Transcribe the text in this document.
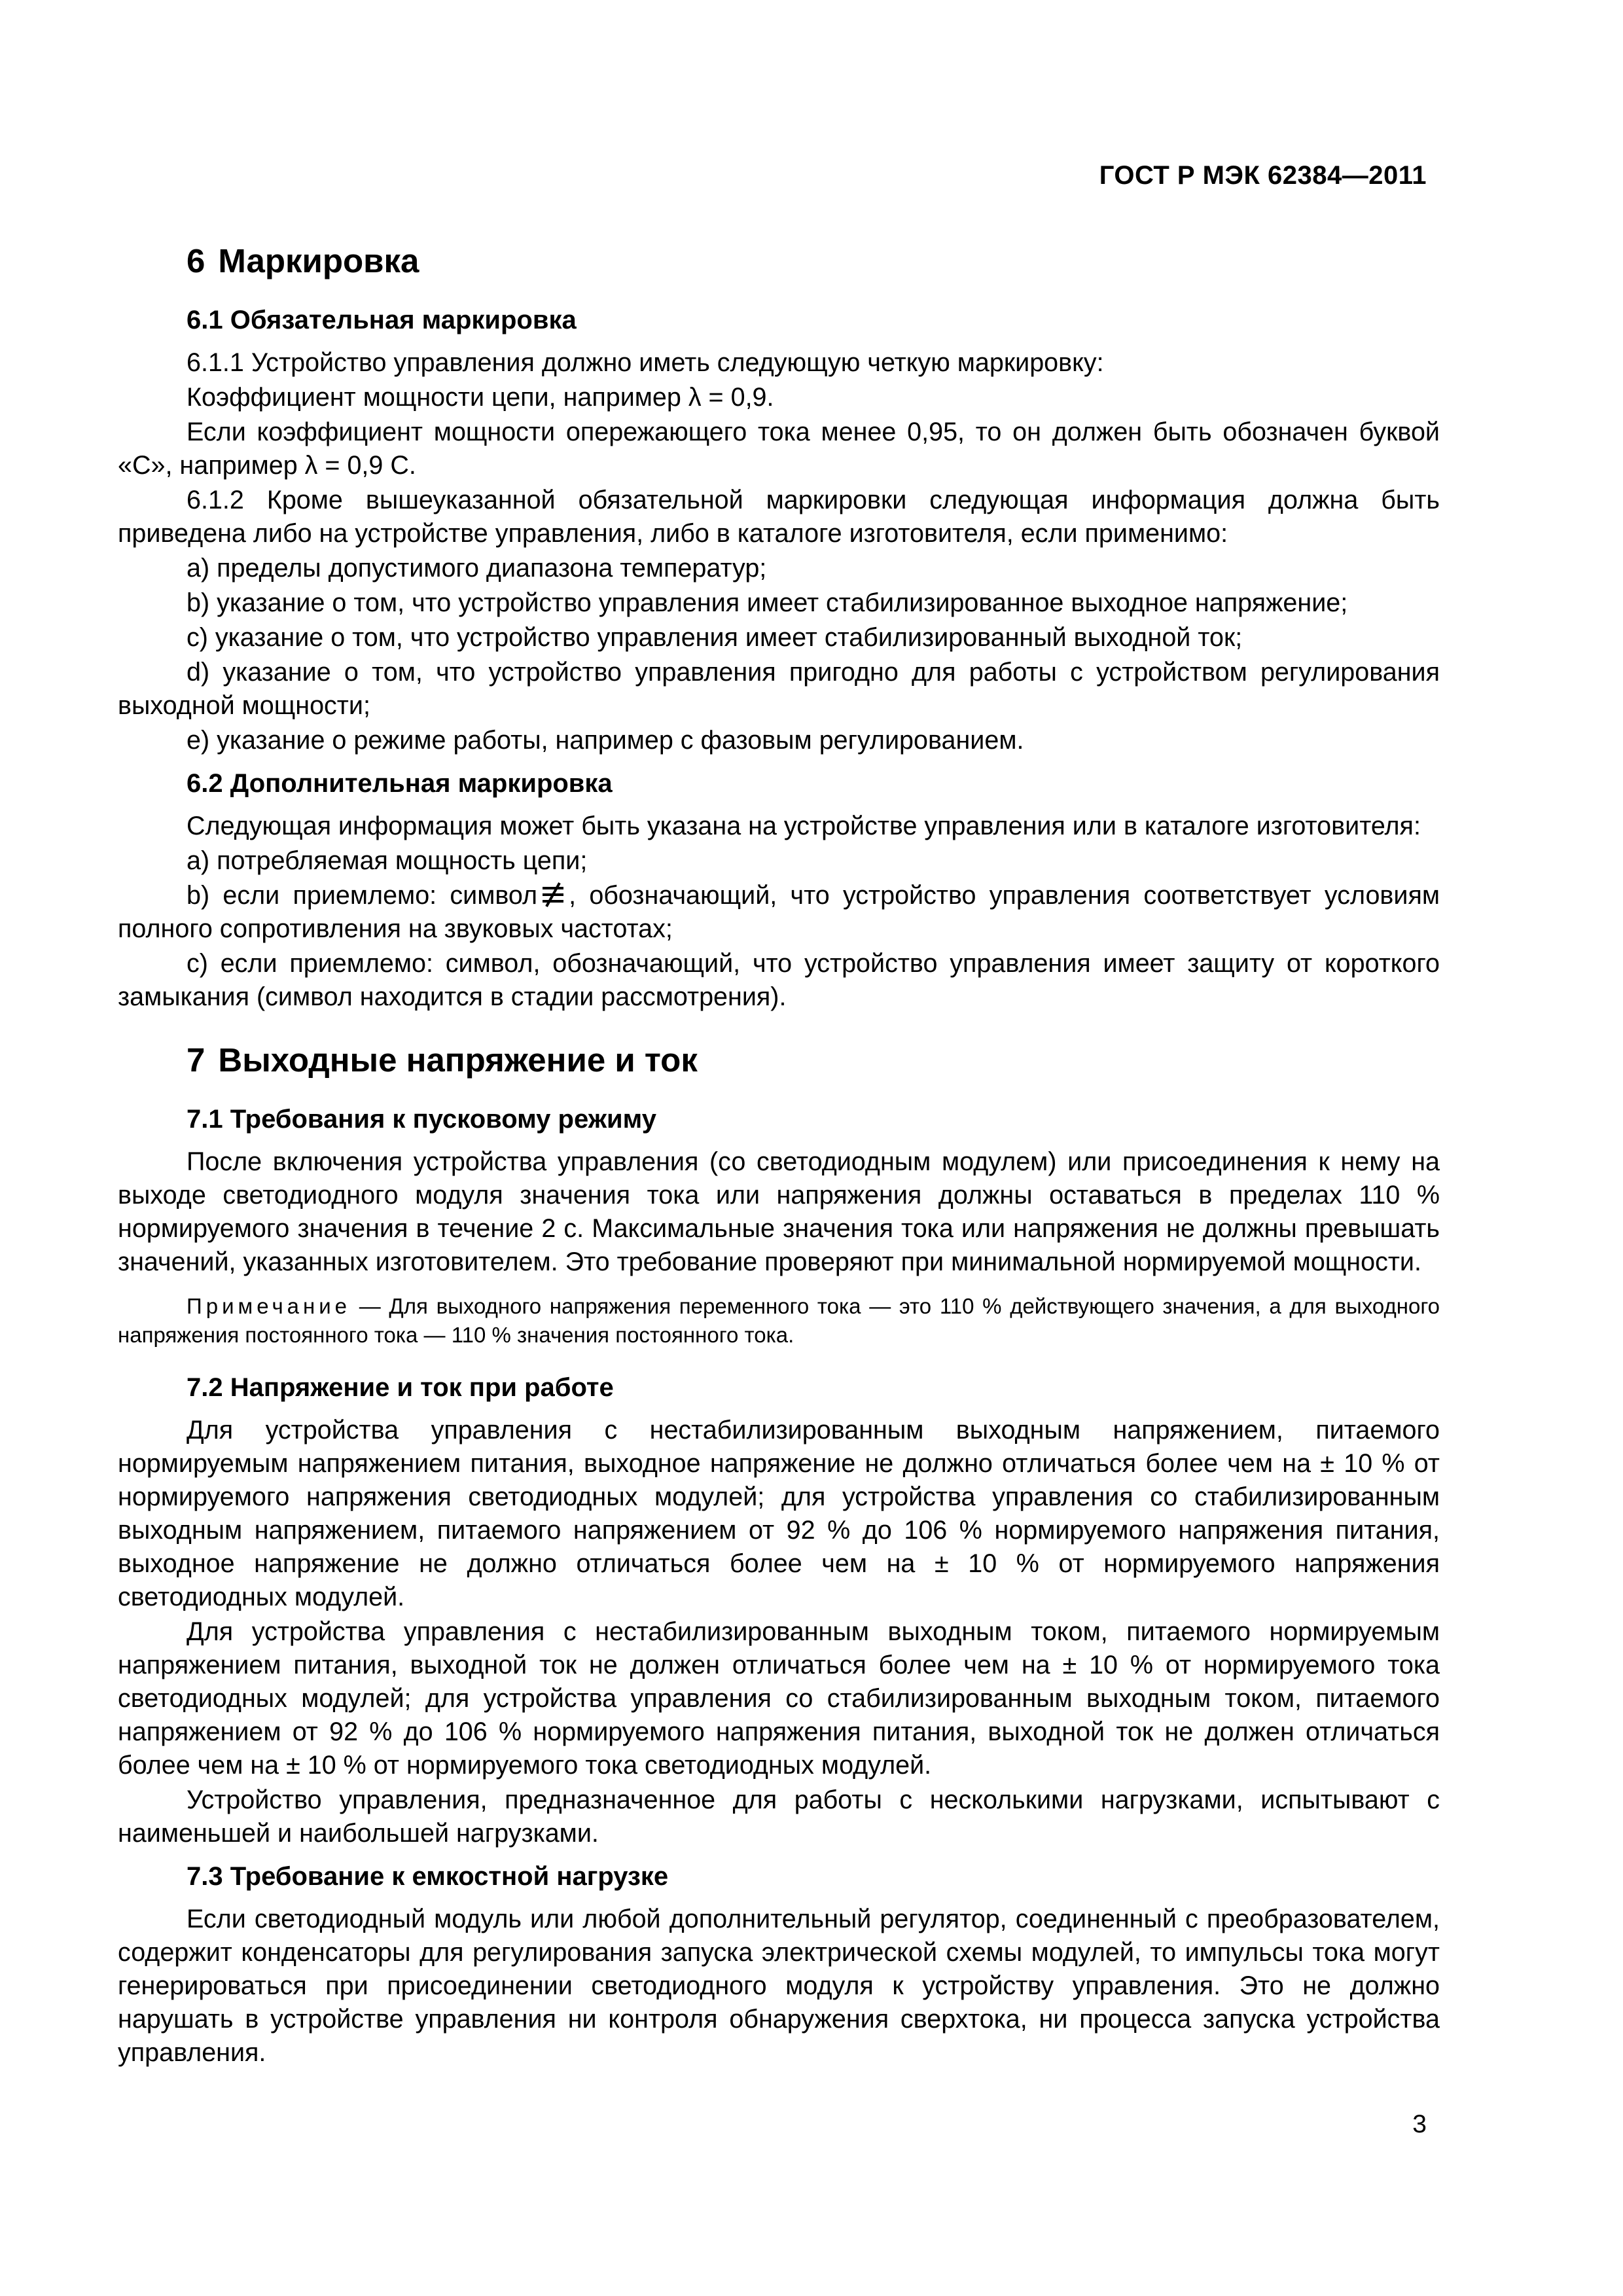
ГОСТ Р МЭК 62384—2011
6 Маркировка
6.1 Обязательная маркировка

6.1.1 Устройство управления должно иметь следующую четкую маркировку:

Коэффициент мощности цепи, например λ = 0,9.

Если коэффициент мощности опережающего тока менее 0,95, то он должен быть обозначен буквой «С», например λ = 0,9 С.

6.1.2 Кроме вышеуказанной обязательной маркировки следующая информация должна быть приведена либо на устройстве управления, либо в каталоге изготовителя, если применимо:

a) пределы допустимого диапазона температур;

b) указание о том, что устройство управления имеет стабилизированное выходное напряжение;

c) указание о том, что устройство управления имеет стабилизированный выходной ток;

d) указание о том, что устройство управления пригодно для работы с устройством регулирования выходной мощности;

e) указание о режиме работы, например с фазовым регулированием.

6.2 Дополнительная маркировка

Следующая информация может быть указана на устройстве управления или в каталоге изготовителя:

a) потребляемая мощность цепи;

b) если приемлемо: символ , обозначающий, что устройство управления соответствует условиям полного сопротивления на звуковых частотах;

c) если приемлемо: символ, обозначающий, что устройство управления имеет защиту от короткого замыкания (символ находится в стадии рассмотрения).

7 Выходные напряжение и ток
7.1 Требования к пусковому режиму

После включения устройства управления (со светодиодным модулем) или присоединения к нему на выходе светодиодного модуля значения тока или напряжения должны оставаться в пределах 110 % нормируемого значения в течение 2 с. Максимальные значения тока или напряжения не должны превышать значений, указанных изготовителем. Это требование проверяют при минимальной нормируемой мощности.

Примечание — Для выходного напряжения переменного тока — это 110 % действующего значения, а для выходного напряжения постоянного тока — 110 % значения постоянного тока.
7.2 Напряжение и ток при работе

Для устройства управления с нестабилизированным выходным напряжением, питаемого нормируемым напряжением питания, выходное напряжение не должно отличаться более чем на ± 10 % от нормируемого напряжения светодиодных модулей; для устройства управления со стабилизированным выходным напряжением, питаемого напряжением от 92 % до 106 % нормируемого напряжения питания, выходное напряжение не должно отличаться более чем на ± 10 % от нормируемого напряжения светодиодных модулей.

Для устройства управления с нестабилизированным выходным током, питаемого нормируемым напряжением питания, выходной ток не должен отличаться более чем на ± 10 % от нормируемого тока светодиодных модулей; для устройства управления со стабилизированным выходным током, питаемого напряжением от 92 % до 106 % нормируемого напряжения питания, выходной ток не должен отличаться более чем на ± 10 % от нормируемого тока светодиодных модулей.

Устройство управления, предназначенное для работы с несколькими нагрузками, испытывают с наименьшей и наибольшей нагрузками.

7.3 Требование к емкостной нагрузке

Если светодиодный модуль или любой дополнительный регулятор, соединенный с преобразователем, содержит конденсаторы для регулирования запуска электрической схемы модулей, то импульсы тока могут генерироваться при присоединении светодиодного модуля к устройству управления. Это не должно нарушать в устройстве управления ни контроля обнаружения сверхтока, ни процесса запуска устройства управления.

3
